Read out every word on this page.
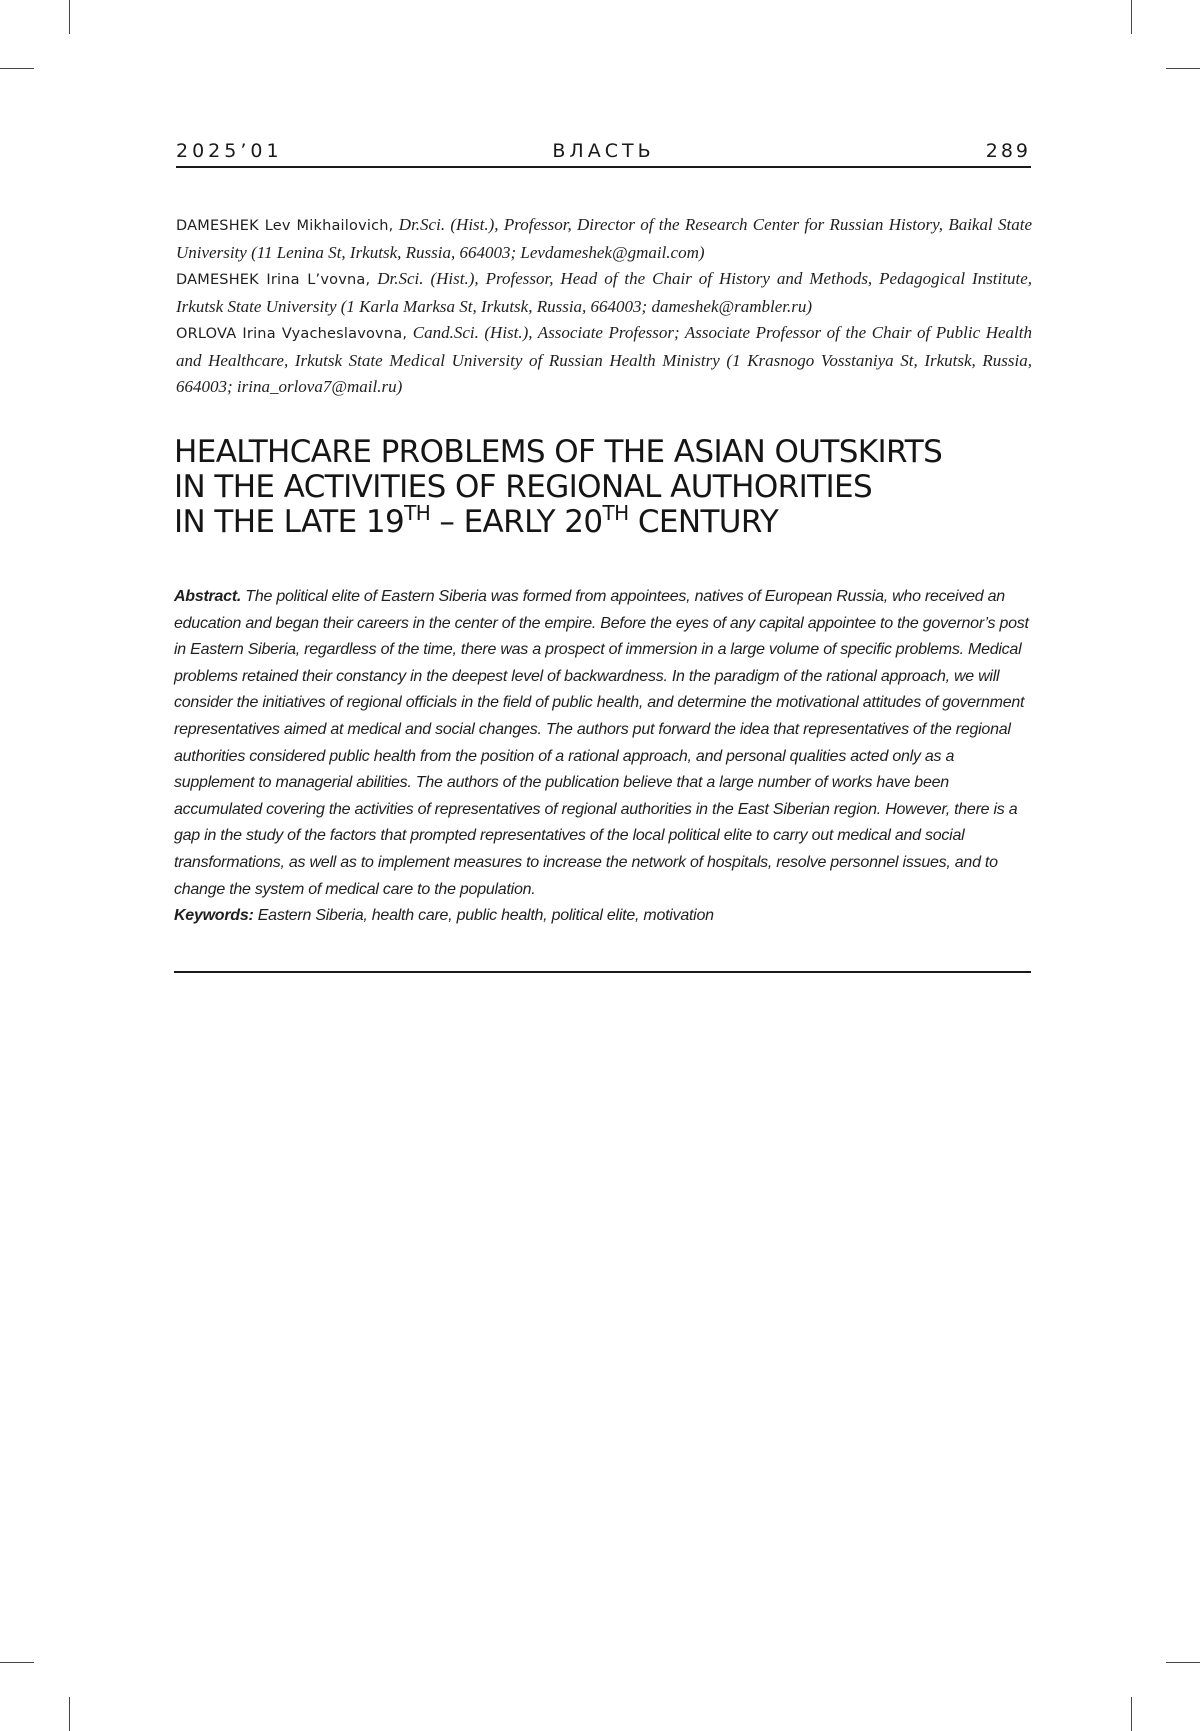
2025’01	ВЛАСТЬ	289

DAMESHEK Lev Mikhailovich, Dr.Sci. (Hist.), Professor, Director of the Research Center for Russian History, Baikal State University (11 Lenina St, Irkutsk, Russia, 664003; Levdameshek@gmail.com)

DAMESHEK Irina L’vovna, Dr.Sci. (Hist.), Professor, Head of the Chair of History and Methods, Pedagogical Institute, Irkutsk State University (1 Karla Marksa St, Irkutsk, Russia, 664003; dameshek@rambler.ru)

ORLOVA Irina Vyacheslavovna, Cand.Sci. (Hist.), Associate Professor; Associate Professor of the Chair of Public Health and Healthcare, Irkutsk State Medical University of Russian Health Ministry (1 Krasnogo Vosstaniya St, Irkutsk, Russia, 664003; irina_orlova7@mail.ru)

HEALTHCARE PROBLEMS OF THE ASIAN OUTSKIRTS
IN THE ACTIVITIES OF REGIONAL AUTHORITIES
IN THE LATE 19TH – EARLY 20TH CENTURY

Abstract. The political elite of Eastern Siberia was formed from appointees, natives of European Russia, who received an education and began their careers in the center of the empire. Before the eyes of any capital appointee to the governor’s post in Eastern Siberia, regardless of the time, there was a prospect of immersion in a large volume of specific problems. Medical problems retained their constancy in the deepest level of backwardness. In the paradigm of the rational approach, we will consider the initiatives of regional officials in the field of public health, and determine the motivational attitudes of government representatives aimed at medical and social changes. The authors put forward the idea that representatives of the regional authorities considered public health from the position of a rational approach, and personal qualities acted only as a supplement to managerial abilities. The authors of the publication believe that a large number of works have been accumulated covering the activities of representatives of regional authorities in the East Siberian region. However, there is a gap in the study of the factors that prompted representatives of the local political elite to carry out medical and social transformations, as well as to implement measures to increase the network of hospitals, resolve personnel issues, and to change the system of medical care to the population.

Keywords: Eastern Siberia, health care, public health, political elite, motivation
